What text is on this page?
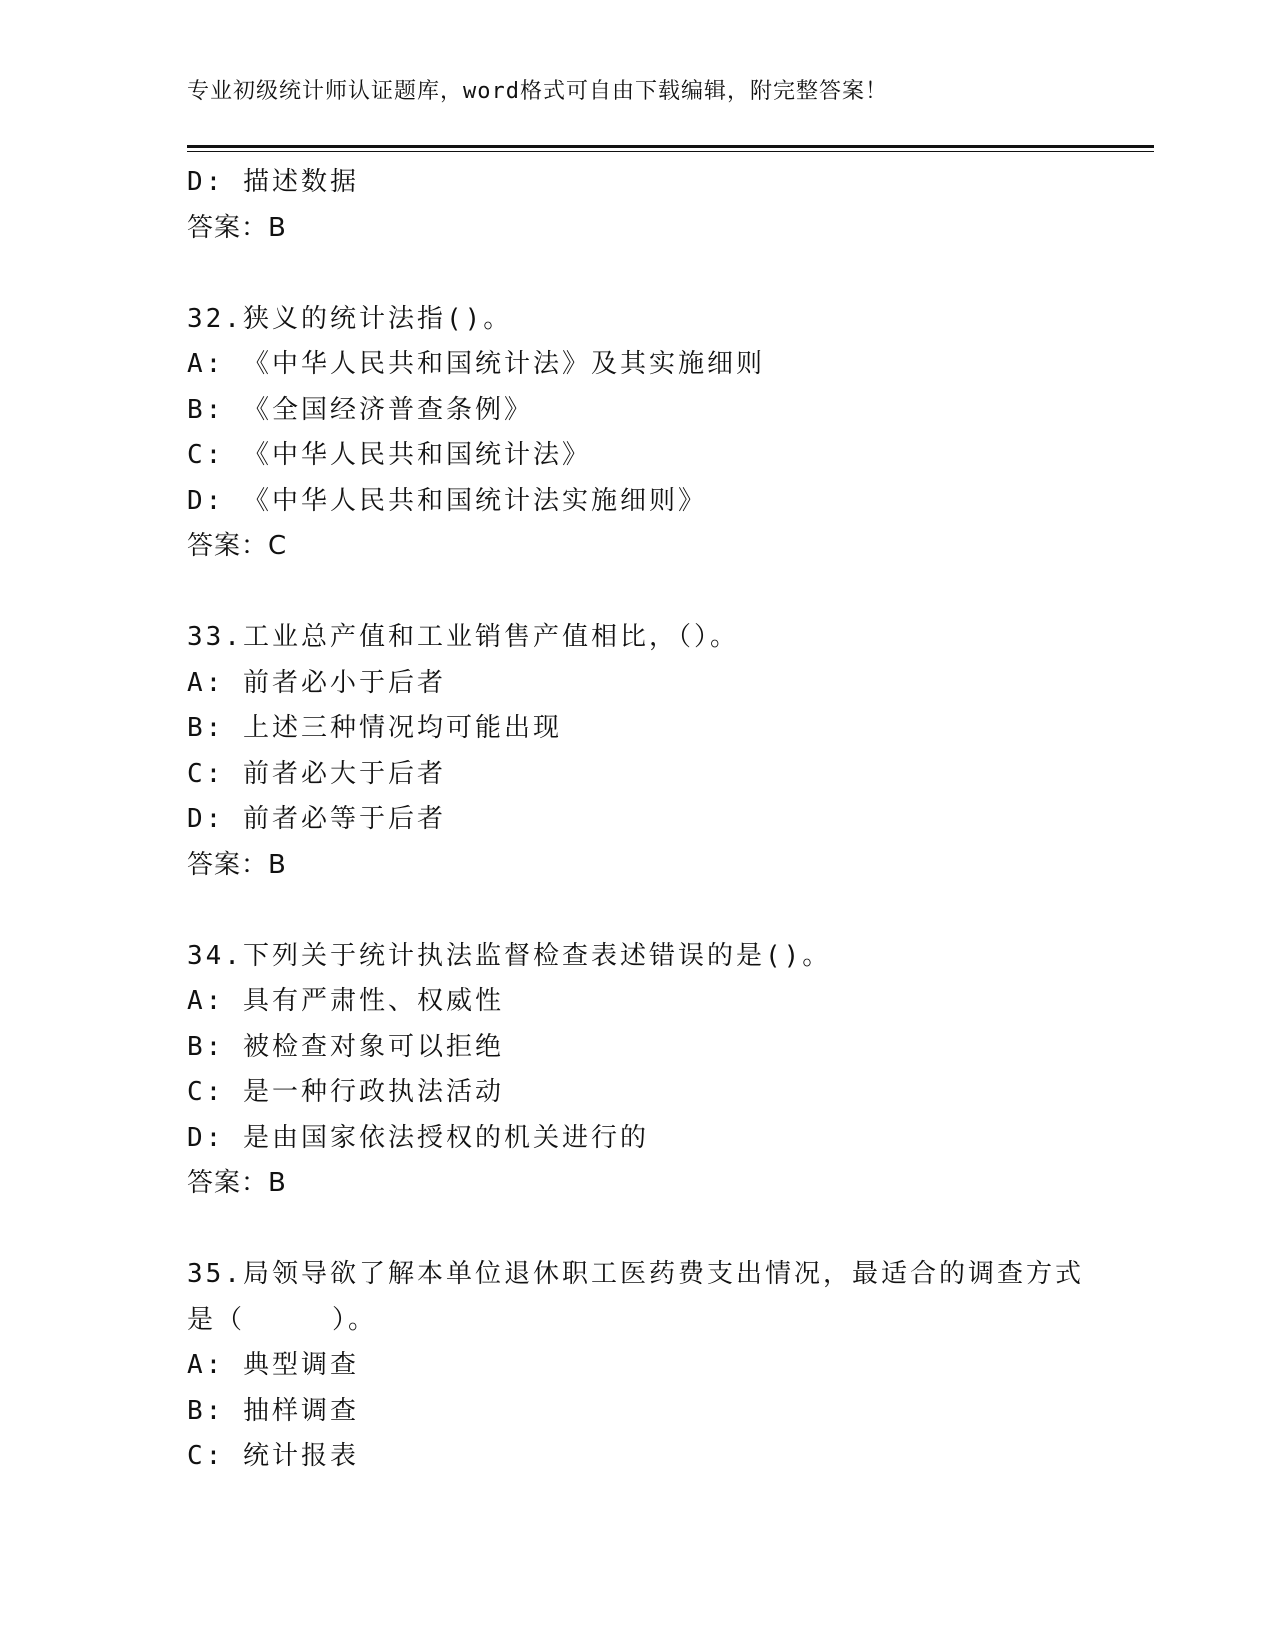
专业初级统计师认证题库，word格式可自由下载编辑，附完整答案！
D: 描述数据
答案：B
32.狭义的统计法指()。
A: 《中华人民共和国统计法》及其实施细则
B: 《全国经济普查条例》
C: 《中华人民共和国统计法》
D: 《中华人民共和国统计法实施细则》
答案：C
33.工业总产值和工业销售产值相比，（）。
A: 前者必小于后者
B: 上述三种情况均可能出现
C: 前者必大于后者
D: 前者必等于后者
答案：B
34.下列关于统计执法监督检查表述错误的是()。
A: 具有严肃性、权威性
B: 被检查对象可以拒绝
C: 是一种行政执法活动
D: 是由国家依法授权的机关进行的
答案：B
35.局领导欲了解本单位退休职工医药费支出情况，最适合的调查方式
是（　　　）。
A: 典型调查
B: 抽样调查
C: 统计报表
